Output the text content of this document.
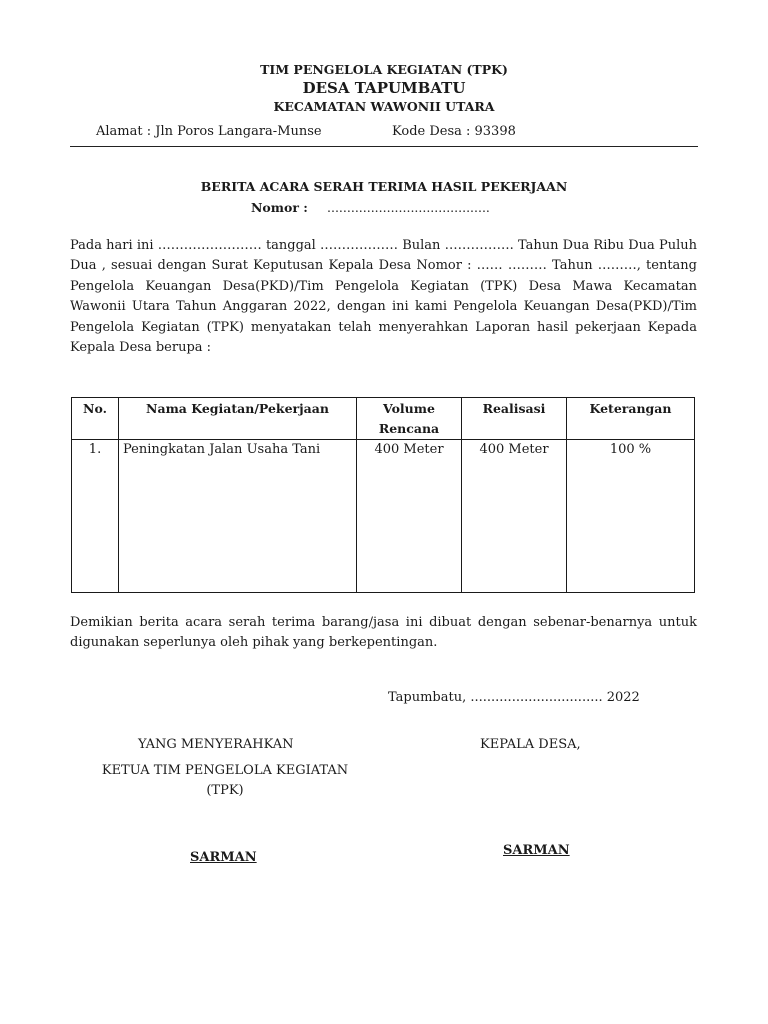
TIM PENGELOLA KEGIATAN (TPK)
DESA TAPUMBATU
KECAMATAN WAWONII UTARA
Alamat : Jln Poros Langara-Munse	Kode Desa : 93398
BERITA ACARA SERAH TERIMA HASIL PEKERJAAN
Nomor : .........................................
Pada hari ini …………………… tanggal ……………… Bulan ……………. Tahun Dua Ribu Dua Puluh Dua , sesuai dengan Surat Keputusan Kepala Desa Nomor : …… ……… Tahun ………, tentang Pengelola Keuangan Desa(PKD)/Tim Pengelola Kegiatan (TPK) Desa Mawa Kecamatan Wawonii Utara Tahun Anggaran 2022, dengan ini kami Pengelola Keuangan Desa(PKD)/Tim Pengelola Kegiatan (TPK) menyatakan telah menyerahkan Laporan hasil pekerjaan Kepada Kepala Desa berupa :
No.	Nama Kegiatan/Pekerjaan	Volume Rencana	Realisasi	Keterangan
1.	Peningkatan Jalan Usaha Tani	400 Meter	400 Meter	100 %
Demikian berita acara serah terima barang/jasa ini dibuat dengan sebenar-benarnya untuk digunakan seperlunya oleh pihak yang berkepentingan.
Tapumbatu, ................................ 2022
YANG MENYERAHKAN	KEPALA DESA,
KETUA TIM PENGELOLA KEGIATAN (TPK)
SARMAN	SARMAN
